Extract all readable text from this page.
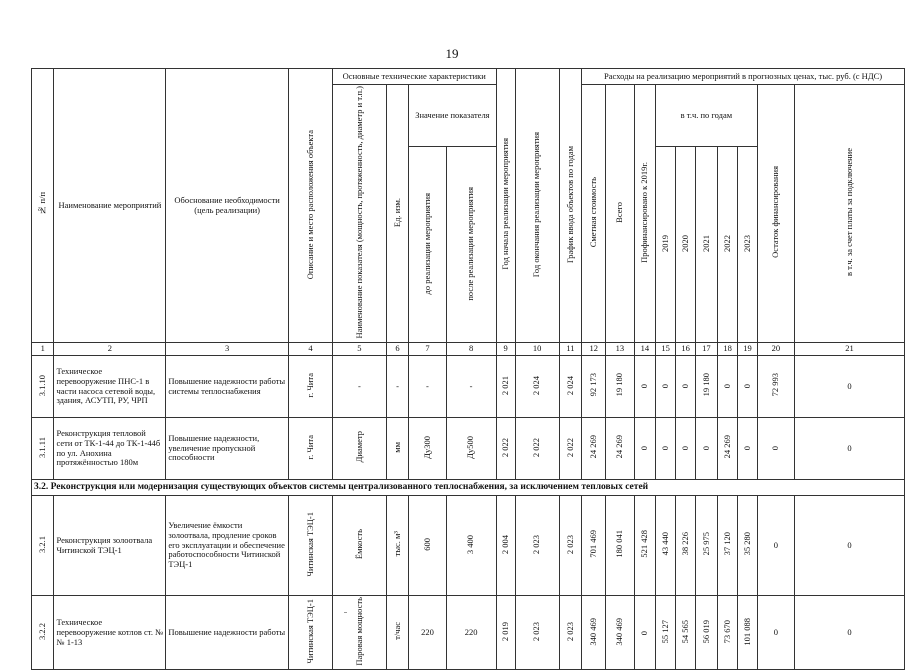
19
№ п/п	Наименование мероприятий	Обоснование необходимости (цель реализации)	Описание и место расположения объекта	Основные технические характеристики				Год начала реализации мероприятия	Год окончания реализации мероприятия	График ввода объектов по годам	Расходы на реализацию мероприятий в прогнозных ценах, тыс. руб. (с НДС)									
				Наименование показателя (мощность, протяженность, диаметр и т.п.)	Ед. изм.	Значение показателя					Сметная стоимость	Всего	Профинансировано к 2019г.	в т.ч. по годам					Остаток финансирования	в т.ч. за счет платы за подключение

						до реализации мероприятия	после реализации мероприятия							2019	2020	2021	2022	2023		
1	2	3	4	5	6	7	8	9	10	11	12	13	14	15	16	17	18	19	20	21
3.1.10	Техническое перевооружение ПНС-1 в части насоса сетевой воды, здания, АСУТП, РУ, ЧРП	Повышение надежности работы системы теплоснабжения	г. Чита	-	-	-	-	2 021	2 024	2 024	92 173	19 180	0	0	0	19 180	0	0	72 993	0
3.1.11	Реконструкция тепловой сети от ТК-1-44 до ТК-1-44б по ул. Анохина протяжённостью 180м	Повышение надежности, увеличение пропускной способности	г. Чита	Диаметр	мм	Ду300	Ду500	2 022	2 022	2 022	24 269	24 269	0	0	0	0	24 269	0	0	0
3.2. Реконструкция или модернизация существующих объектов системы централизованного теплоснабжения, за исключением тепловых сетей																				
3.2.1	Реконструкция золоотвала Читинской ТЭЦ-1	Увеличение ёмкости золоотвала, продление сроков его эксплуатации и обеспечение работоспособности Читинской ТЭЦ-1	Читинская ТЭЦ-1	Ёмкость	тыс. м³	600	3 400	2 004	2 023	2 023	701 469	180 041	521 428	43 440	38 226	25 975	37 120	35 280	0	0
3.2.2	Техническое перевооружение котлов ст. №№ 1-13	Повышение надежности работы	Читинская ТЭЦ-1	Паровая мощность	т/час	220	220	2 019	2 023	2 023	340 469	340 469	0	55 127	54 565	56 019	73 670	101 088	0	0
